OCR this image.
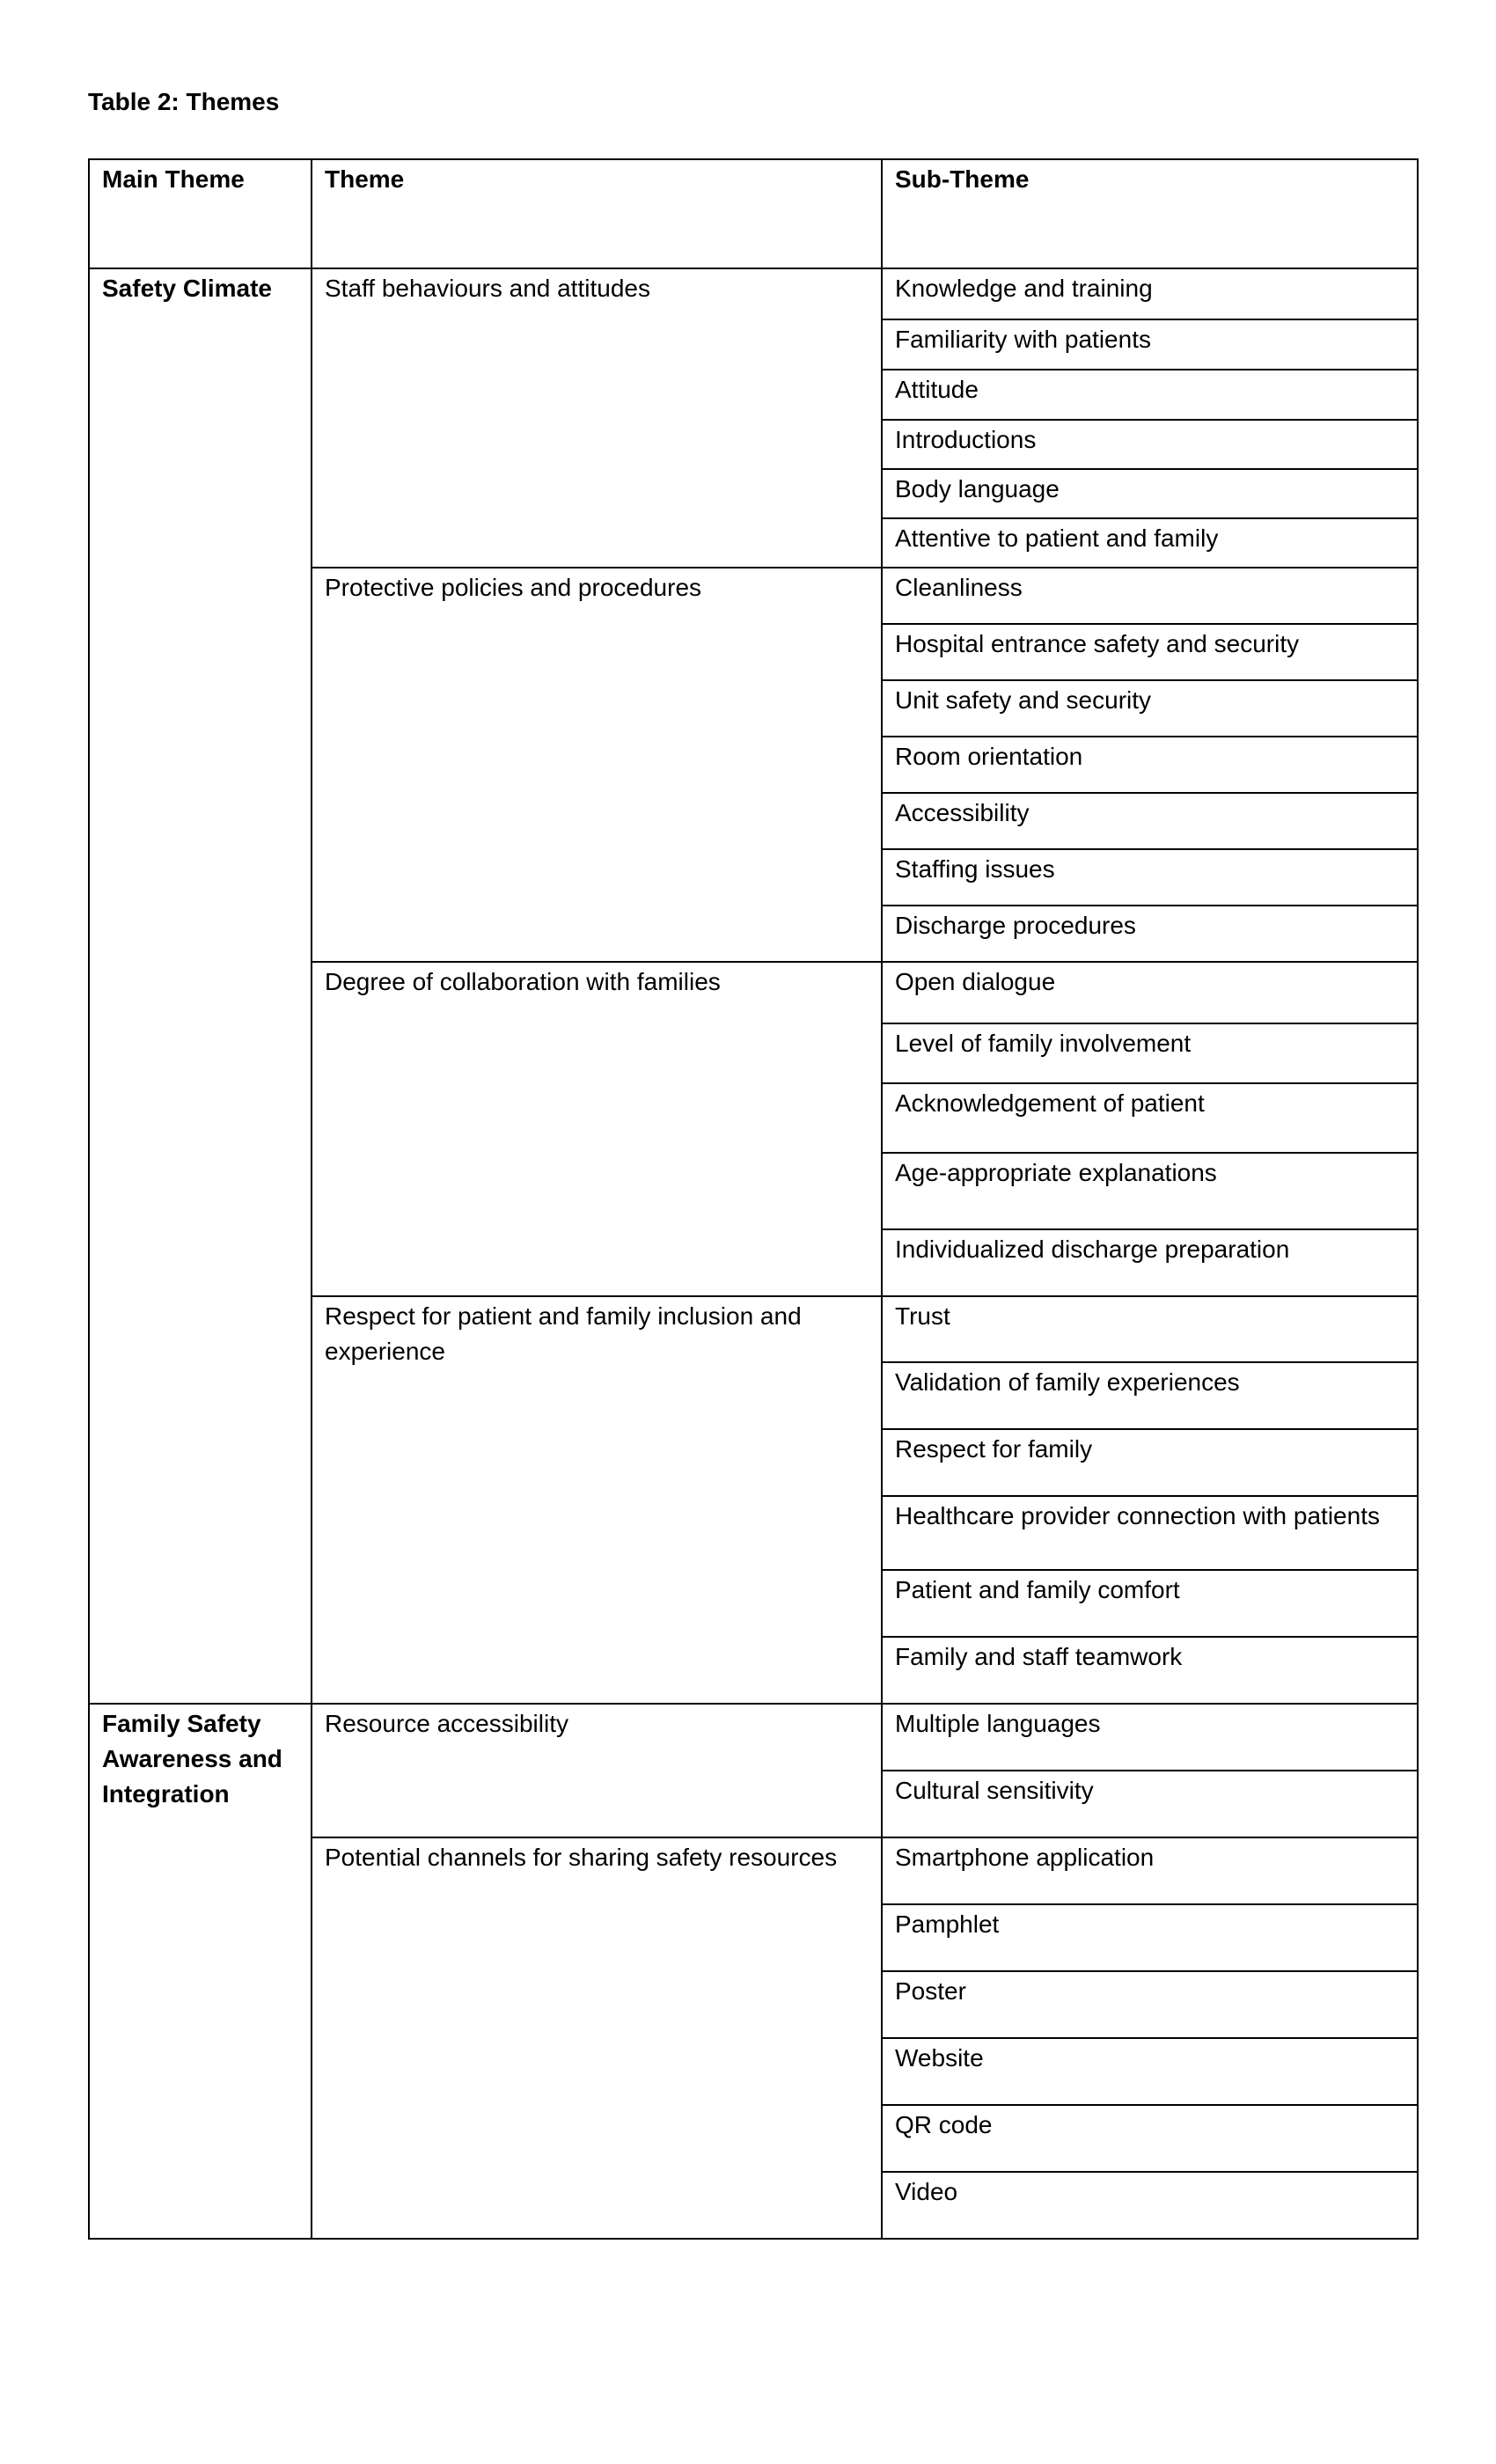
Table 2: Themes

Main Theme	Theme	Sub-Theme
Safety Climate	Staff behaviours and attitudes	Knowledge and training
		Familiarity with patients
		Attitude
		Introductions
		Body language
		Attentive to patient and family
	Protective policies and procedures	Cleanliness
		Hospital entrance safety and security
		Unit safety and security
		Room orientation
		Accessibility
		Staffing issues
		Discharge procedures
	Degree of collaboration with families	Open dialogue
		Level of family involvement
		Acknowledgement of patient
		Age-appropriate explanations
		Individualized discharge preparation
	Respect for patient and family inclusion and experience	Trust
		Validation of family experiences
		Respect for family
		Healthcare provider connection with patients
		Patient and family comfort
		Family and staff teamwork
Family Safety Awareness and Integration	Resource accessibility	Multiple languages
		Cultural sensitivity
	Potential channels for sharing safety resources	Smartphone application
		Pamphlet
		Poster
		Website
		QR code
		Video
